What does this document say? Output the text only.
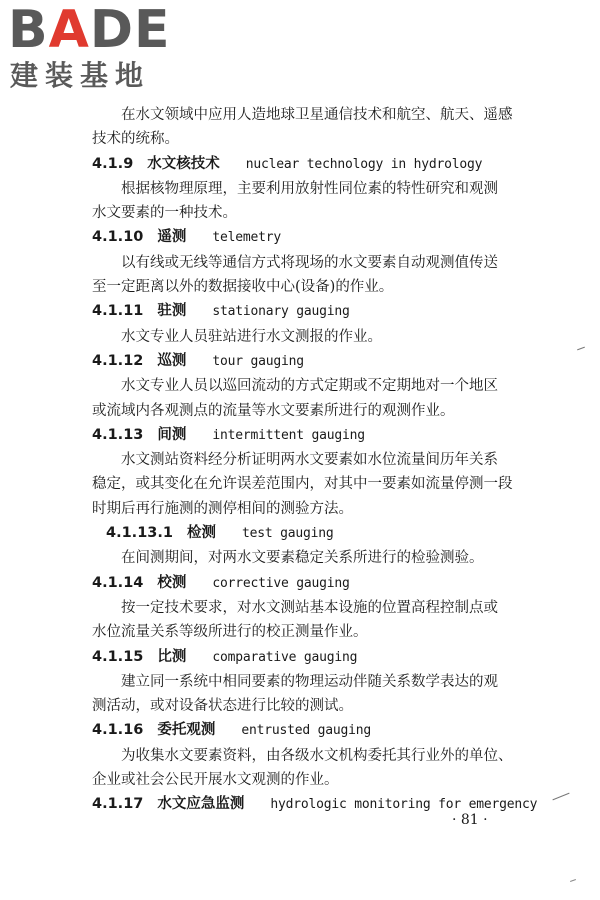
BADE
建装基地
在水文领域中应用人造地球卫星通信技术和航空、航天、遥感
技术的统称。
4.1.9 水文核技术 nuclear technology in hydrology
根据核物理原理，主要利用放射性同位素的特性研究和观测
水文要素的一种技术。
4.1.10 遥测 telemetry
以有线或无线等通信方式将现场的水文要素自动观测值传送
至一定距离以外的数据接收中心(设备)的作业。
4.1.11 驻测 stationary gauging
水文专业人员驻站进行水文测报的作业。
4.1.12 巡测 tour gauging
水文专业人员以巡回流动的方式定期或不定期地对一个地区
或流域内各观测点的流量等水文要素所进行的观测作业。
4.1.13 间测 intermittent gauging
水文测站资料经分析证明两水文要素如水位流量间历年关系
稳定，或其变化在允许误差范围内，对其中一要素如流量停测一段
时期后再行施测的测停相间的测验方法。
4.1.13.1 检测 test gauging
在间测期间，对两水文要素稳定关系所进行的检验测验。
4.1.14 校测 corrective gauging
按一定技术要求，对水文测站基本设施的位置高程控制点或
水位流量关系等级所进行的校正测量作业。
4.1.15 比测 comparative gauging
建立同一系统中相同要素的物理运动伴随关系数学表达的观
测活动，或对设备状态进行比较的测试。
4.1.16 委托观测 entrusted gauging
为收集水文要素资料，由各级水文机构委托其行业外的单位、
企业或社会公民开展水文观测的作业。
4.1.17 水文应急监测 hydrologic monitoring for emergency
· 81 ·
